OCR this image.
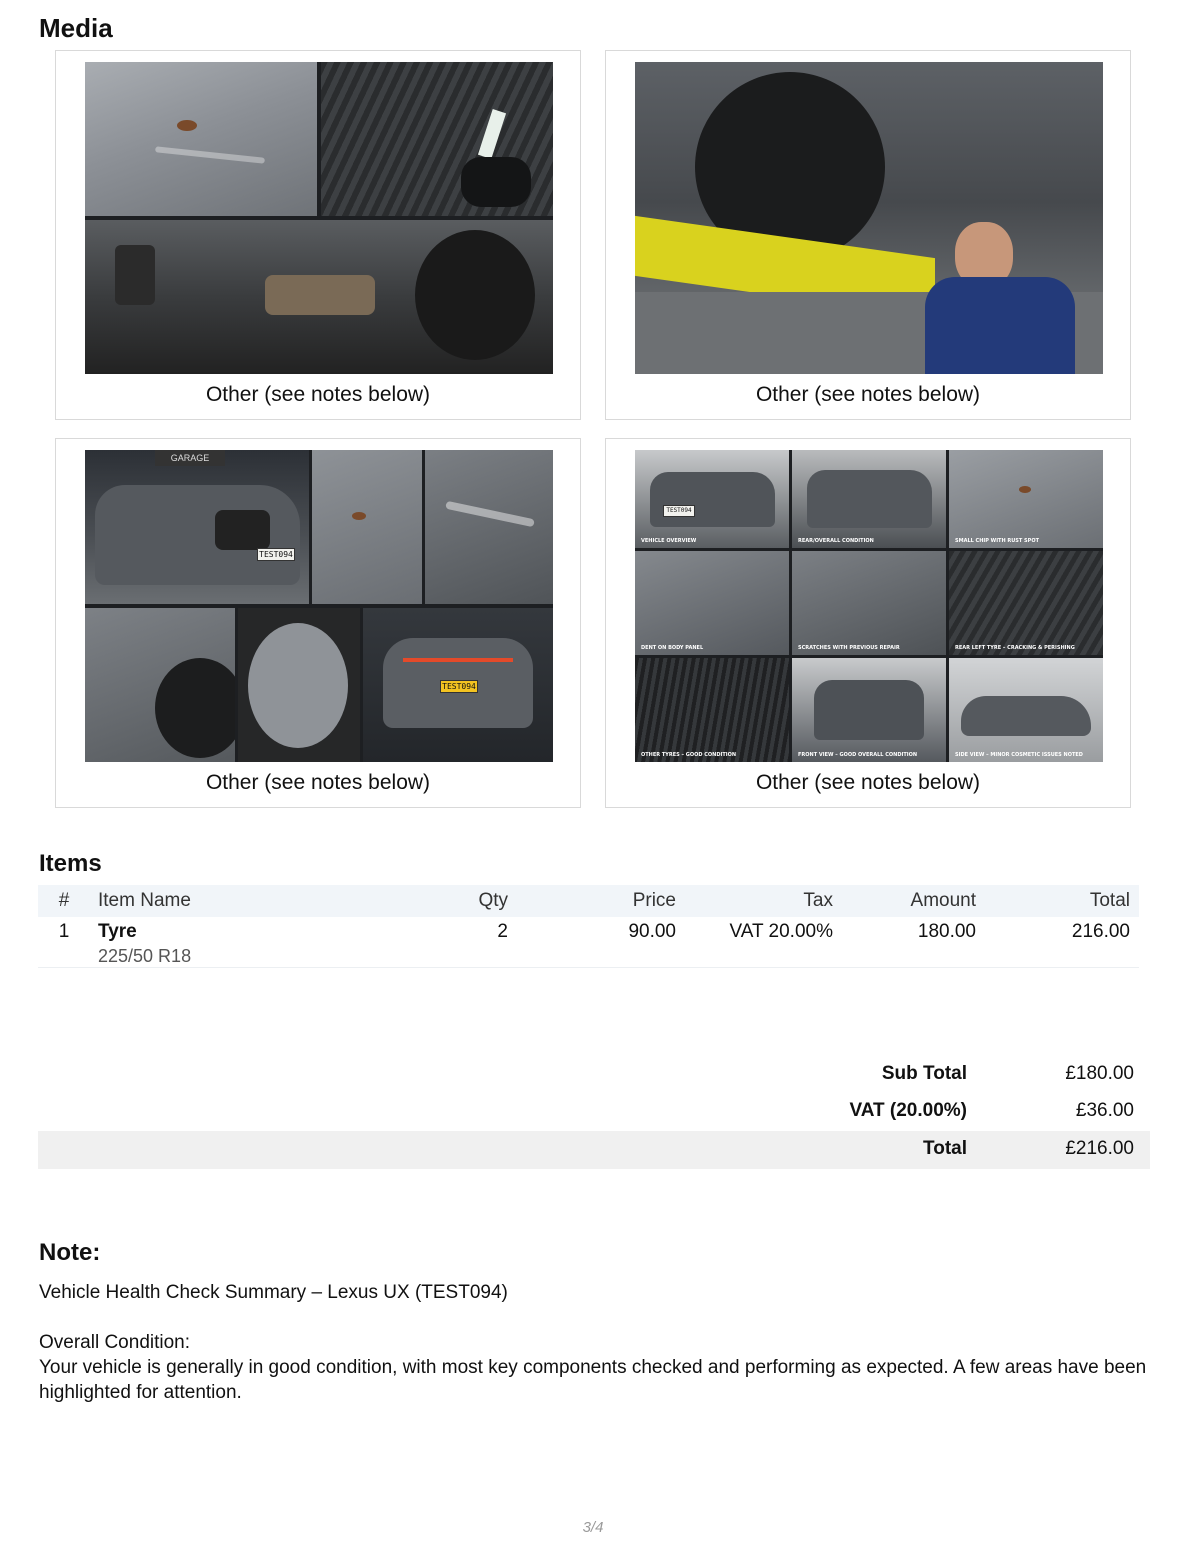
Media
Other (see notes below)	Other (see notes below)
GARAGE
TEST094
TEST094
Other (see notes below)
TEST094
VEHICLE OVERVIEW	REAR/OVERALL CONDITION	SMALL CHIP WITH RUST SPOT
DENT ON BODY PANEL	SCRATCHES WITH PREVIOUS REPAIR	REAR LEFT TYRE – CRACKING & PERISHING
OTHER TYRES – GOOD CONDITION	FRONT VIEW – GOOD OVERALL CONDITION	SIDE VIEW – MINOR COSMETIC ISSUES NOTED
Other (see notes below)
Items
#	Item Name	Qty	Price	Tax	Amount	Total
1	Tyre
225/50 R18	2	90.00	VAT 20.00%	180.00	216.00
Sub Total	£180.00
VAT (20.00%)	£36.00
Total	£216.00
Note:

Vehicle Health Check Summary – Lexus UX (TEST094)

Overall Condition:

Your vehicle is generally in good condition, with most key components checked and performing as expected. A few areas have been highlighted for attention.

3/4
